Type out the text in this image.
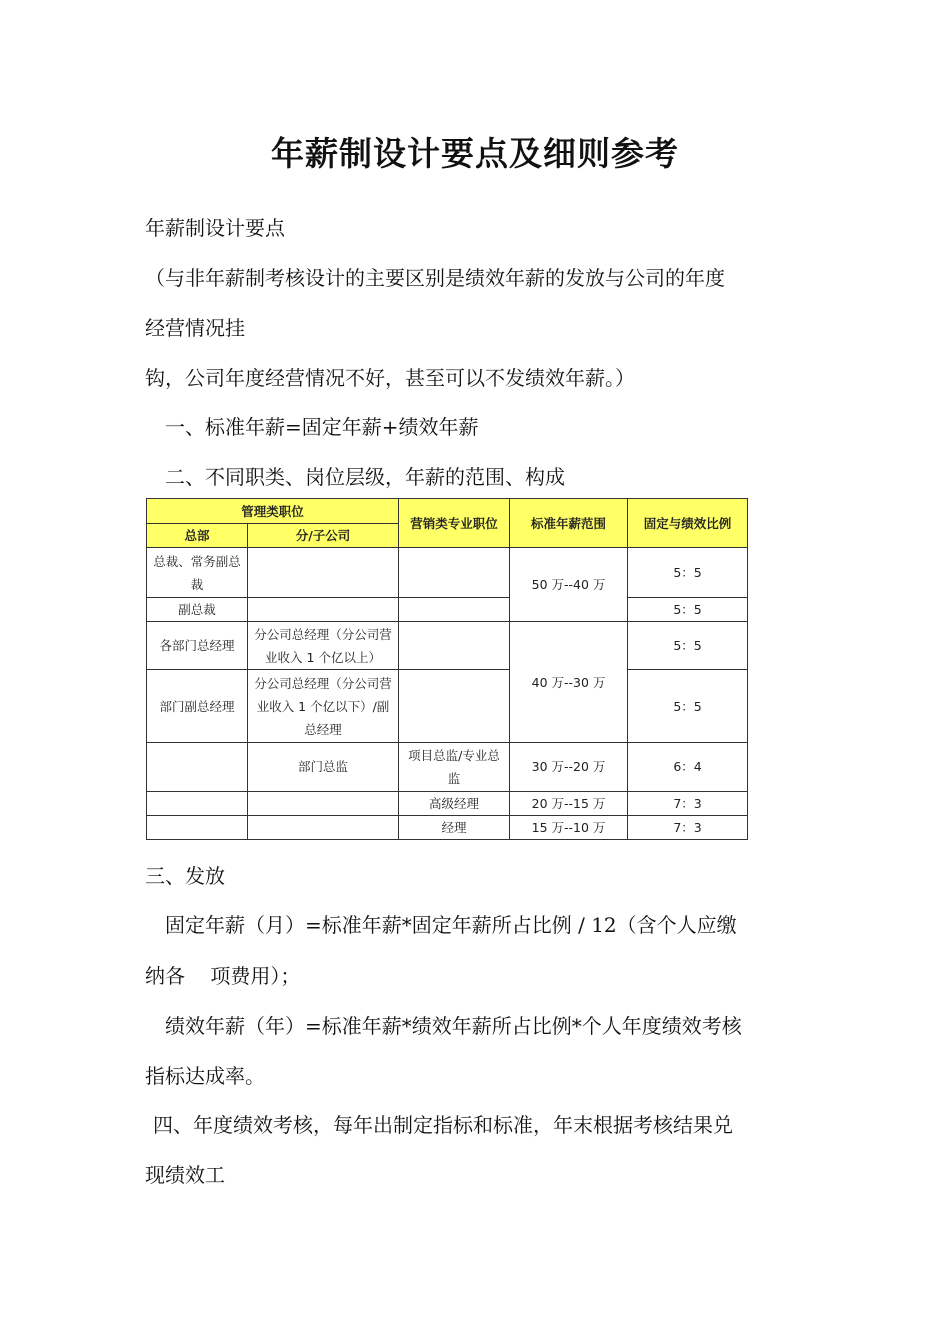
年薪制设计要点及细则参考
年薪制设计要点
（与非年薪制考核设计的主要区别是绩效年薪的发放与公司的年度
经营情况挂
钩，公司年度经营情况不好，甚至可以不发绩效年薪。）
一、标准年薪=固定年薪+绩效年薪
二、不同职类、岗位层级，年薪的范围、构成
管理类职位		营销类专业职位	标准年薪范围	固定与绩效比例
总部	分/子公司			
总裁、常务副总裁			50 万--40 万	5：5
副总裁				5：5
各部门总经理	分公司总经理（分公司营业收入 1 个亿以上）		40 万--30 万	5：5
部门副总经理	分公司总经理（分公司营业收入 1 个亿以下）/副总经理			5：5
	部门总监	项目总监/专业总监	30 万--20 万	6：4
		高级经理	20 万--15 万	7：3
		经理	15 万--10 万	7：3
三、发放
固定年薪（月）=标准年薪*固定年薪所占比例 / 12（含个人应缴
纳各    项费用）；
绩效年薪（年）=标准年薪*绩效年薪所占比例*个人年度绩效考核
指标达成率。
四、年度绩效考核，每年出制定指标和标准，年末根据考核结果兑
现绩效工
